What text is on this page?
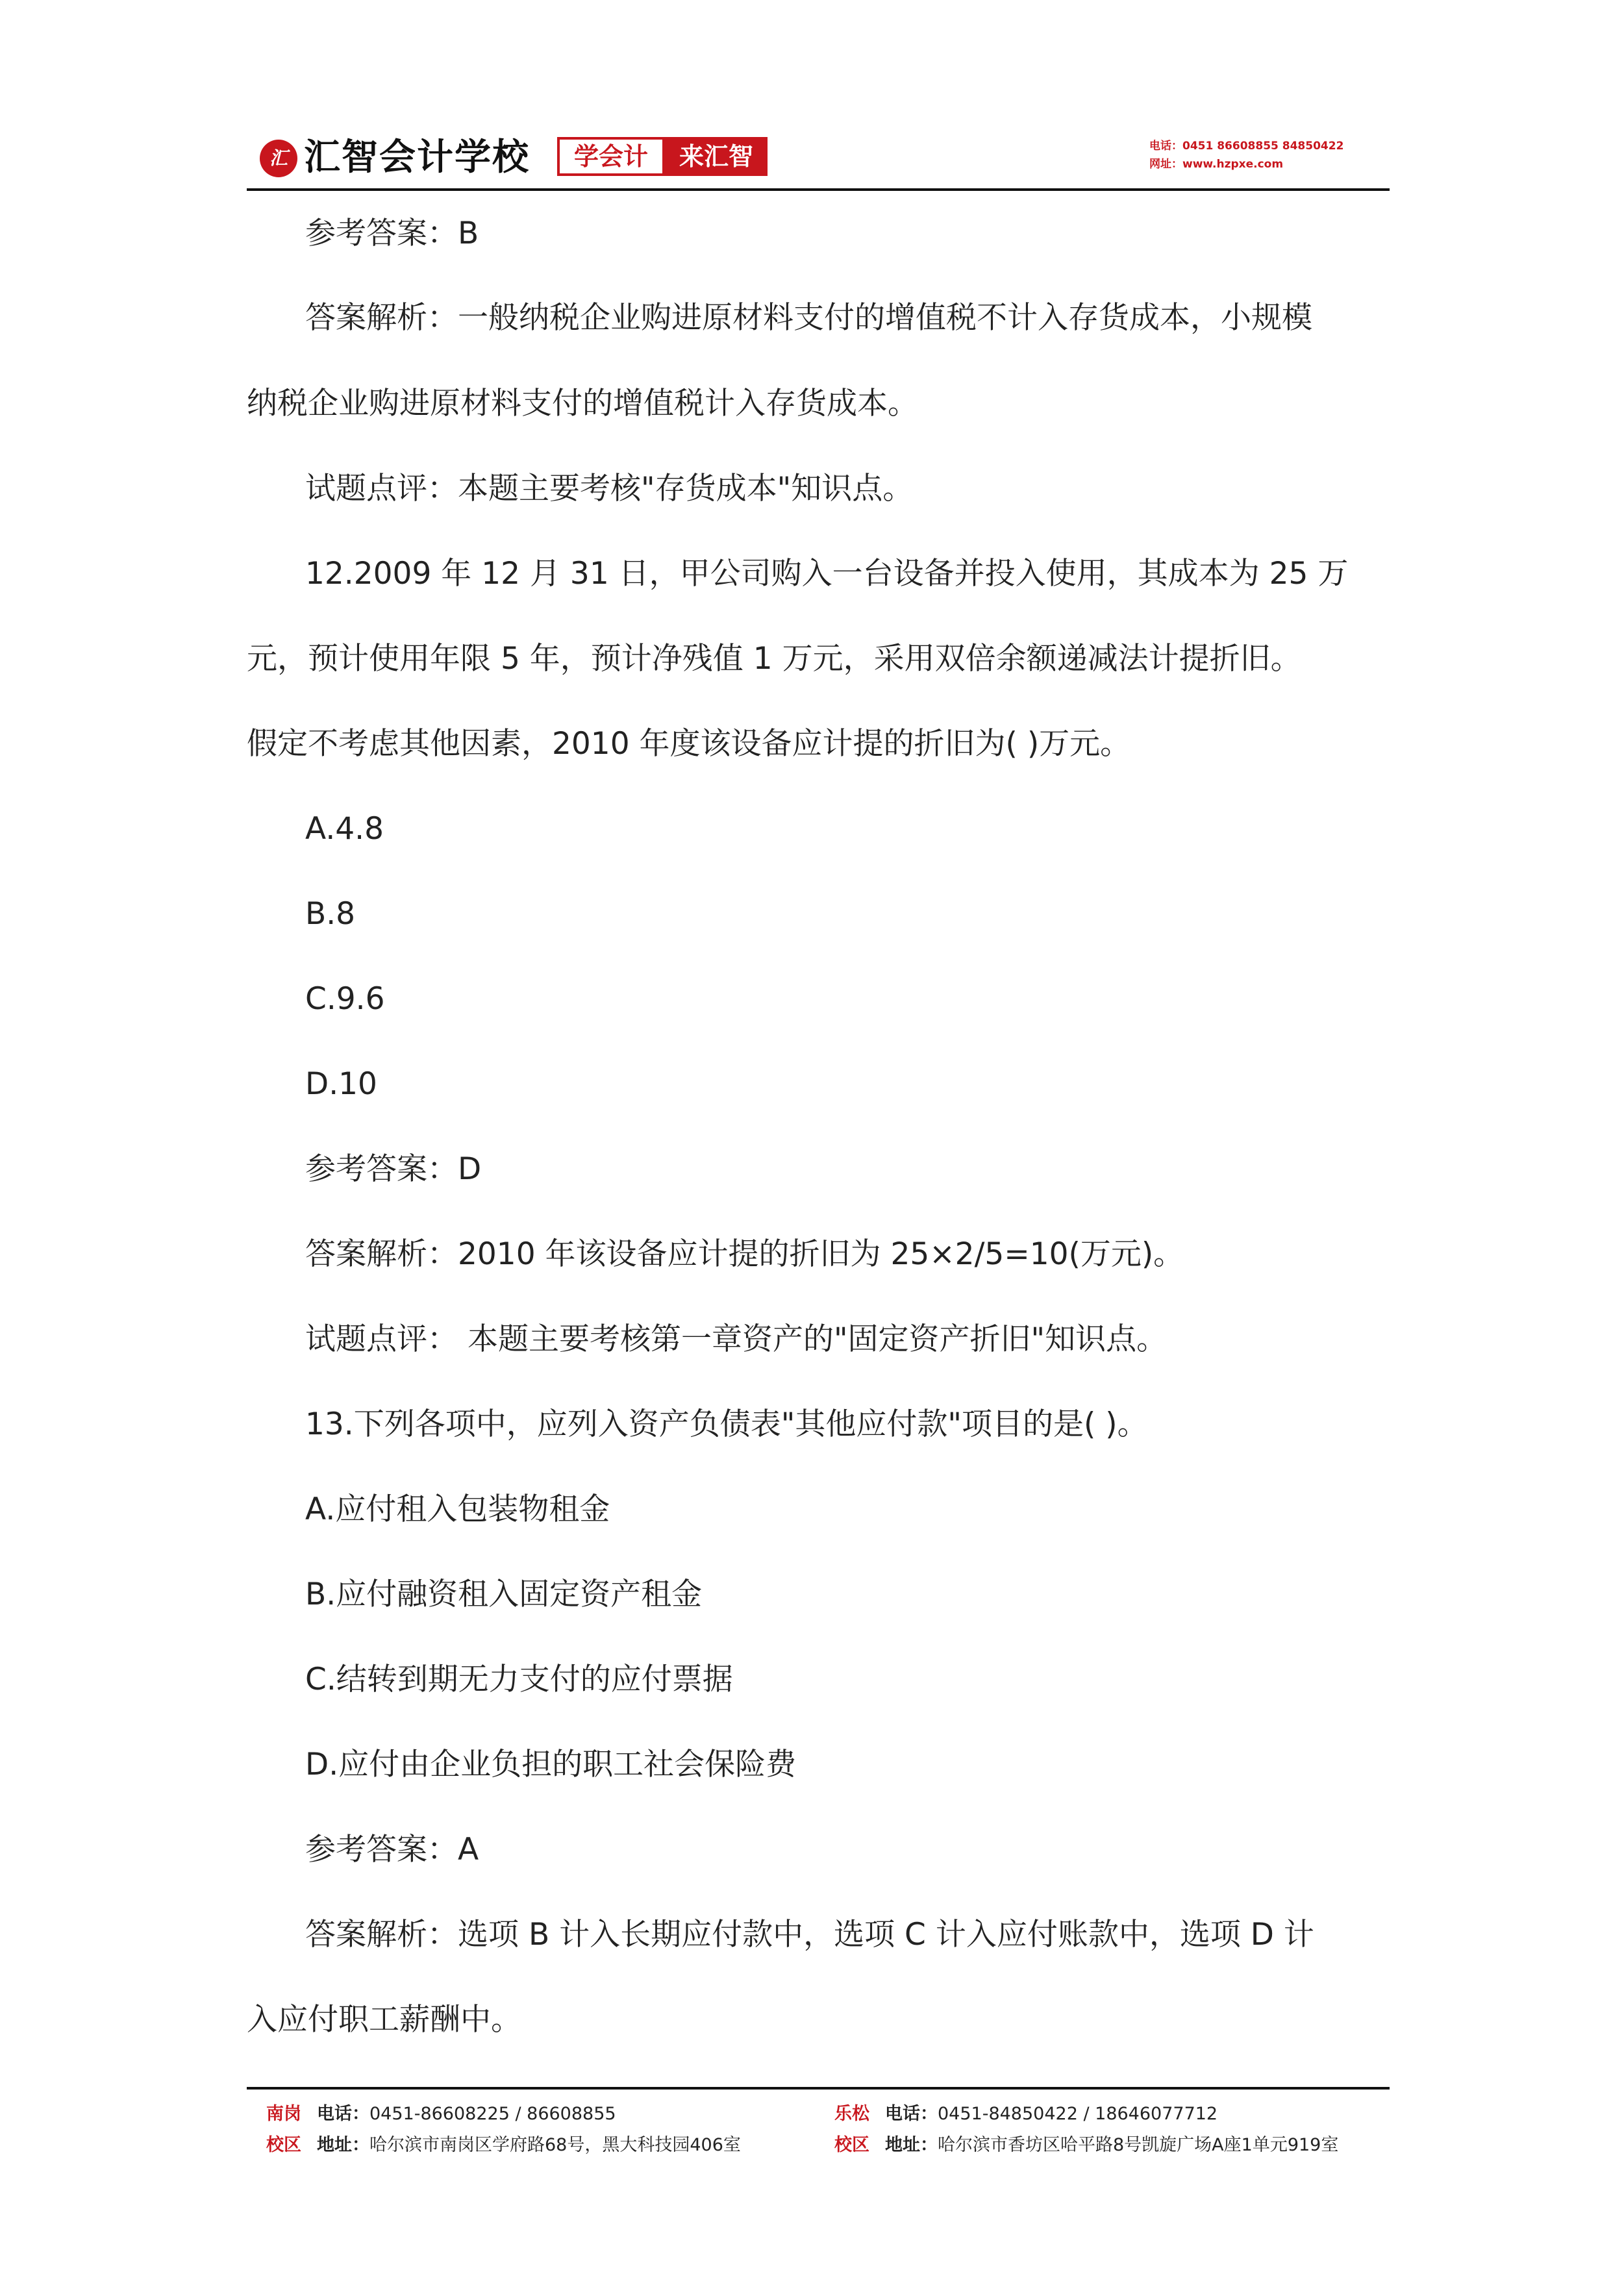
汇 汇智会计学校	学会计	来汇智	电话：0451 86608855 84850422
网址：www.hzpxe.com
参考答案：B
答案解析：一般纳税企业购进原材料支付的增值税不计入存货成本，小规模
纳税企业购进原材料支付的增值税计入存货成本。
试题点评：本题主要考核"存货成本"知识点。
12.2009 年 12 月 31 日，甲公司购入一台设备并投入使用，其成本为 25 万
元，预计使用年限 5 年，预计净残值 1 万元，采用双倍余额递减法计提折旧。
假定不考虑其他因素，2010 年度该设备应计提的折旧为( )万元。
A.4.8
B.8
C.9.6
D.10
参考答案：D
答案解析：2010 年该设备应计提的折旧为 25×2/5=10(万元)。
试题点评： 本题主要考核第一章资产的"固定资产折旧"知识点。
13.下列各项中，应列入资产负债表"其他应付款"项目的是( )。
A.应付租入包装物租金
B.应付融资租入固定资产租金
C.结转到期无力支付的应付票据
D.应付由企业负担的职工社会保险费
参考答案：A
答案解析：选项 B 计入长期应付款中，选项 C 计入应付账款中，选项 D 计
入应付职工薪酬中。
南岗 电话：0451-86608225 / 86608855
校区 地址：哈尔滨市南岗区学府路68号，黑大科技园406室
乐松 电话：0451-84850422 / 18646077712
校区 地址：哈尔滨市香坊区哈平路8号凯旋广场A座1单元919室
